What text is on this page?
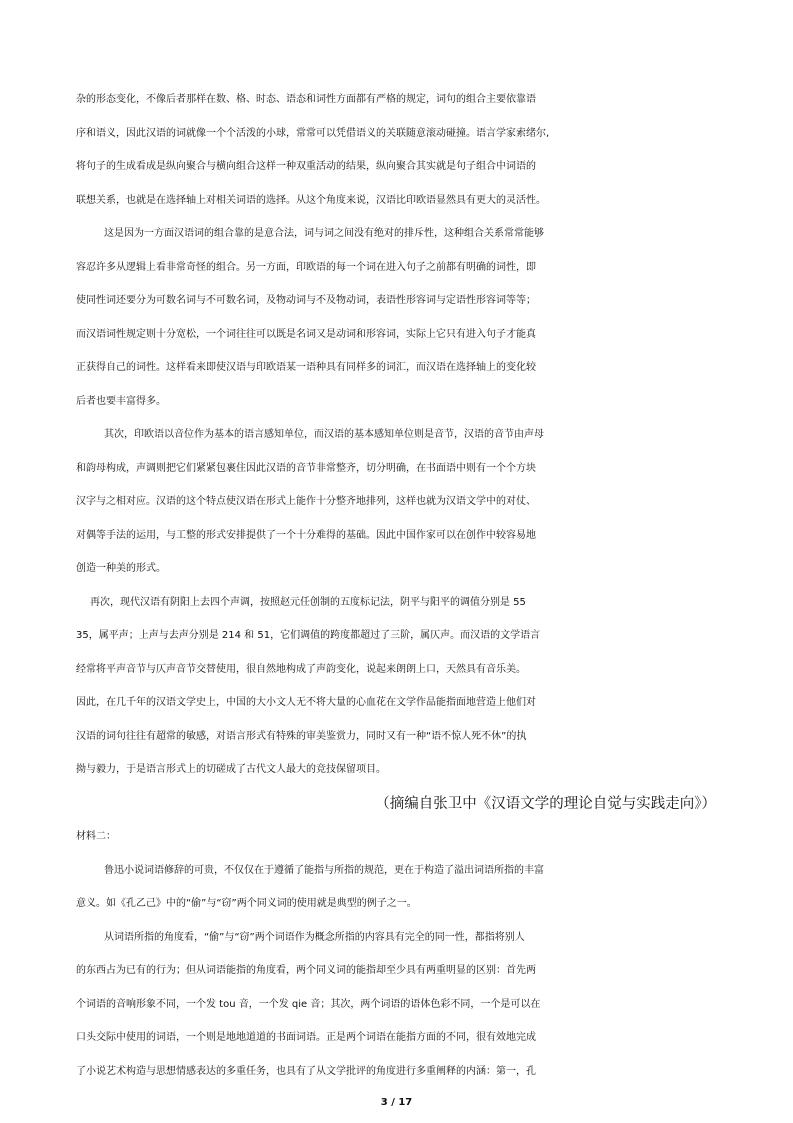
杂的形态变化，不像后者那样在数、格、时态、语态和词性方面都有严格的规定，词句的组合主要依靠语
序和语义，因此汉语的词就像一个个活泼的小球，常常可以凭借语义的关联随意滚动碰撞。语言学家索绪尔,
将句子的生成看成是纵向聚合与横向组合这样一种双重活动的结果，纵向聚合其实就是句子组合中词语的
联想关系，也就是在选择轴上对相关词语的选择。从这个角度来说，汉语比印欧语显然具有更大的灵活性。
这是因为一方面汉语词的组合靠的是意合法，词与词之间没有绝对的排斥性，这种组合关系常常能够
容忍许多从逻辑上看非常奇怪的组合。另一方面，印欧语的每一个词在进入句子之前都有明确的词性，即
使同性词还要分为可数名词与不可数名词，及物动词与不及物动词，表语性形容词与定语性形容词等等；
而汉语词性规定则十分宽松，一个词往往可以既是名词又是动词和形容词，实际上它只有进入句子才能真
正获得自己的词性。这样看来即使汉语与印欧语某一语种具有同样多的词汇，而汉语在选择轴上的变化较
后者也要丰富得多。
其次，印欧语以音位作为基本的语言感知单位，而汉语的基本感知单位则是音节，汉语的音节由声母
和韵母构成，声调则把它们紧紧包裹住因此汉语的音节非常整齐，切分明确，在书面语中则有一个个方块
汉字与之相对应。汉语的这个特点使汉语在形式上能作十分整齐地排列，这样也就为汉语文学中的对仗、
对偶等手法的运用，与工整的形式安排提供了一个十分难得的基础。因此中国作家可以在创作中较容易地
创造一种美的形式。
再次，现代汉语有阴阳上去四个声调，按照赵元任创制的五度标记法，阴平与阳平的调值分别是 55
35，属平声；上声与去声分别是 214 和 51，它们调值的跨度都超过了三阶，属仄声。而汉语的文学语言
经常将平声音节与仄声音节交替使用，很自然地构成了声韵变化，说起来朗朗上口，天然具有音乐美。
因此，在几千年的汉语文学史上，中国的大小文人无不将大量的心血花在文学作品能指面地营造上他们对
汉语的词句往往有超常的敏感，对语言形式有特殊的审美鉴赏力，同时又有一种“语不惊人死不休”的执
拗与毅力，于是语言形式上的切磋成了古代文人最大的竞技保留项目。
（摘编自张卫中《汉语文学的理论自觉与实践走向》）
材料二：
鲁迅小说词语修辞的可贵，不仅仅在于遵循了能指与所指的规范，更在于构造了溢出词语所指的丰富
意义。如《孔乙己》中的“偷”与“窃”两个同义词的使用就是典型的例子之一。
从词语所指的角度看，“偷”与“窃”两个词语作为概念所指的内容具有完全的同一性，都指将别人
的东西占为已有的行为；但从词语能指的角度看，两个同义词的能指却至少具有两重明显的区别：首先两
个词语的音响形象不同，一个发 tou 音，一个发 qie 音；其次，两个词语的语体色彩不同，一个是可以在
口头交际中使用的词语，一个则是地地道道的书面词语。正是两个词语在能指方面的不同，很有效地完成
了小说艺术构造与思想情感表达的多重任务，也具有了从文学批评的角度进行多重阐释的内涵：第一，孔
3 / 17
